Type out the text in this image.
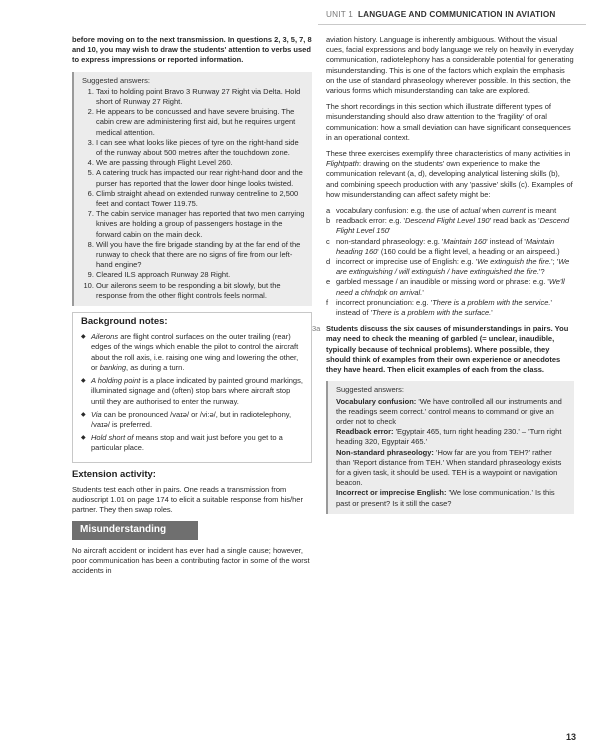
UNIT 1 LANGUAGE AND COMMUNICATION IN AVIATION

before moving on to the next transmission. In questions 2, 3, 5, 7, 8 and 10, you may wish to draw the students' attention to verbs used to express impressions or reported information.

Suggested answers:
1. Taxi to holding point Bravo 3 Runway 27 Right via Delta. Hold short of Runway 27 Right.
2. He appears to be concussed and have severe bruising. The cabin crew are administering first aid, but he requires urgent medical attention.
3. I can see what looks like pieces of tyre on the right-hand side of the runway about 500 metres after the touchdown zone.
4. We are passing through Flight Level 260.
5. A catering truck has impacted our rear right-hand door and the purser has reported that the lower door hinge looks twisted.
6. Climb straight ahead on extended runway centreline to 2,500 feet and contact Tower 119.75.
7. The cabin service manager has reported that two men carrying knives are holding a group of passengers hostage in the forward cabin on the main deck.
8. Will you have the fire brigade standing by at the far end of the runway to check that there are no signs of fire from our left-hand engine?
9. Cleared ILS approach Runway 28 Right.
10. Our ailerons seem to be responding a bit slowly, but the response from the other flight controls feels normal.
Background notes:
◆ Ailerons are flight control surfaces on the outer trailing (rear) edges of the wings which enable the pilot to control the aircraft about the roll axis, i.e. raising one wing and lowering the other, or banking, as during a turn.
◆ A holding point is a place indicated by painted ground markings, illuminated signage and (often) stop bars where aircraft stop until they are authorised to enter the runway.
◆ Via can be pronounced /vaɪə/ or /vi:ə/, but in radiotelephony, /vaɪə/ is preferred.
◆ Hold short of means stop and wait just before you get to a particular place.
Extension activity:

Students test each other in pairs. One reads a transmission from audioscript 1.01 on page 174 to elicit a suitable response from his/her partner. They then swap roles.

Misunderstanding

No aircraft accident or incident has ever had a single cause; however, poor communication has been a contributing factor in some of the worst accidents in

aviation history. Language is inherently ambiguous. Without the visual cues, facial expressions and body language we rely on heavily in everyday communication, radiotelephony has a considerable potential for generating misunderstanding. This is one of the factors which explain the emphasis on the use of standard phraseology wherever possible. In this section, the various forms which misunderstanding can take are explored.

The short recordings in this section which illustrate different types of misunderstanding should also draw attention to the 'fragility' of oral communication: how a small deviation can have significant consequences in an operational context.

These three exercises exemplify three characteristics of many activities in Flightpath: drawing on the students' own experience to make the communication relevant (a, d), developing analytical listening skills (b), and combining speech production with any 'passive' skills (c). Examples of how misunderstanding can affect safety might be:

a vocabulary confusion: e.g. the use of actual when current is meant
b readback error: e.g. 'Descend Flight Level 190' read back as 'Descend Flight Level 150'
c non-standard phraseology: e.g. 'Maintain 160' instead of 'Maintain heading 160' (160 could be a flight level, a heading or an airspeed.)
d incorrect or imprecise use of English: e.g. 'We extinguish the fire.'; 'We are extinguishing / will extinguish / have extinguished the fire.'?
e garbled message / an inaudible or missing word or phrase: e.g. 'We'll need a chfndpk on arrival.'
f incorrect pronunciation: e.g. 'There is a problem with the service.' instead of 'There is a problem with the surface.'
3a Students discuss the six causes of misunderstandings in pairs. You may need to check the meaning of garbled (= unclear, inaudible, typically because of technical problems). Where possible, they should think of examples from their own experience or anecdotes they have heard. Then elicit examples of each from the class.

Suggested answers:

Vocabulary confusion: 'We have controlled all our instruments and the readings seem correct.' control means to command or give an order not to check

Readback error: 'Egyptair 465, turn right heading 230.' – 'Turn right heading 320, Egyptair 465.'

Non-standard phraseology: 'How far are you from TEH?' rather than 'Report distance from TEH.' When standard phraseology exists for a given task, it should be used. TEH is a waypoint or navigation beacon.

Incorrect or imprecise English: 'We lose communication.' Is this past or present? Is it still the case?

13
